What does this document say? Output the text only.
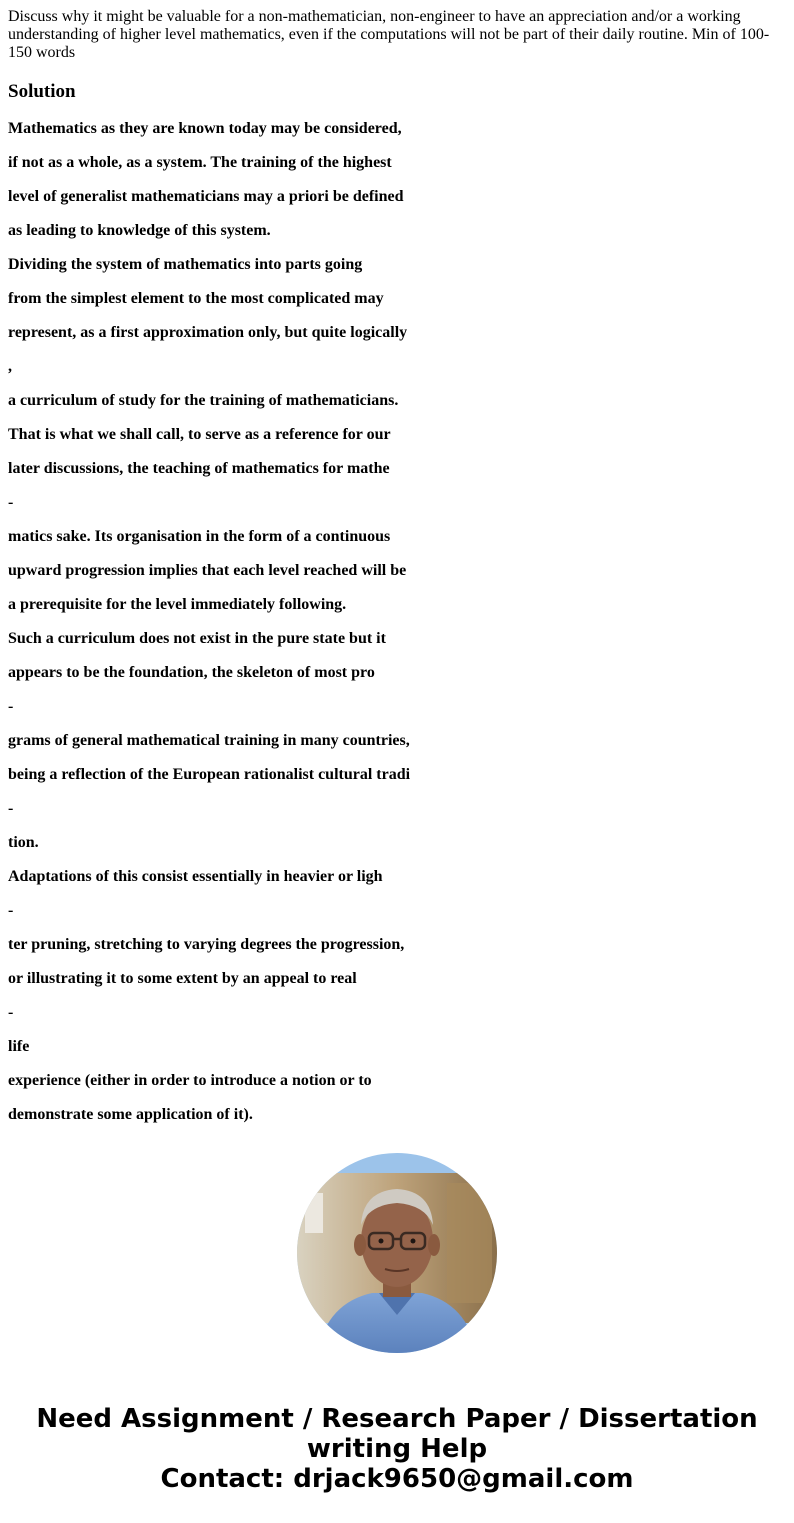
Discuss why it might be valuable for a non-mathematician, non-engineer to have an appreciation and/or a working understanding of higher level mathematics, even if the computations will not be part of their daily routine. Min of 100-150 words

Solution
Mathematics as they are known today may be considered,
if not as a whole, as a system. The training of the highest
level of generalist mathematicians may a priori be defined
as leading to knowledge of this system.
Dividing the system of mathematics into parts going
from the simplest element to the most complicated may
represent, as a first approximation only, but quite logically
,
a curriculum of study for the training of mathematicians.
That is what we shall call, to serve as a reference for our
later discussions, the teaching of mathematics for mathe
-
matics sake. Its organisation in the form of a continuous
upward progression implies that each level reached will be
a prerequisite for the level immediately following.
Such a curriculum does not exist in the pure state but it
appears to be the foundation, the skeleton of most pro
-
grams of general mathematical training in many countries,
being a reflection of the European rationalist cultural tradi
-
tion.
Adaptations of this consist essentially in heavier or ligh
-
ter pruning, stretching to varying degrees the progression,
or illustrating it to some extent by an appeal to real
-
life
experience (either in order to introduce a notion or to
demonstrate some application of it).
Need Assignment / Research Paper / Dissertation
writing Help
Contact: drjack9650@gmail.com
